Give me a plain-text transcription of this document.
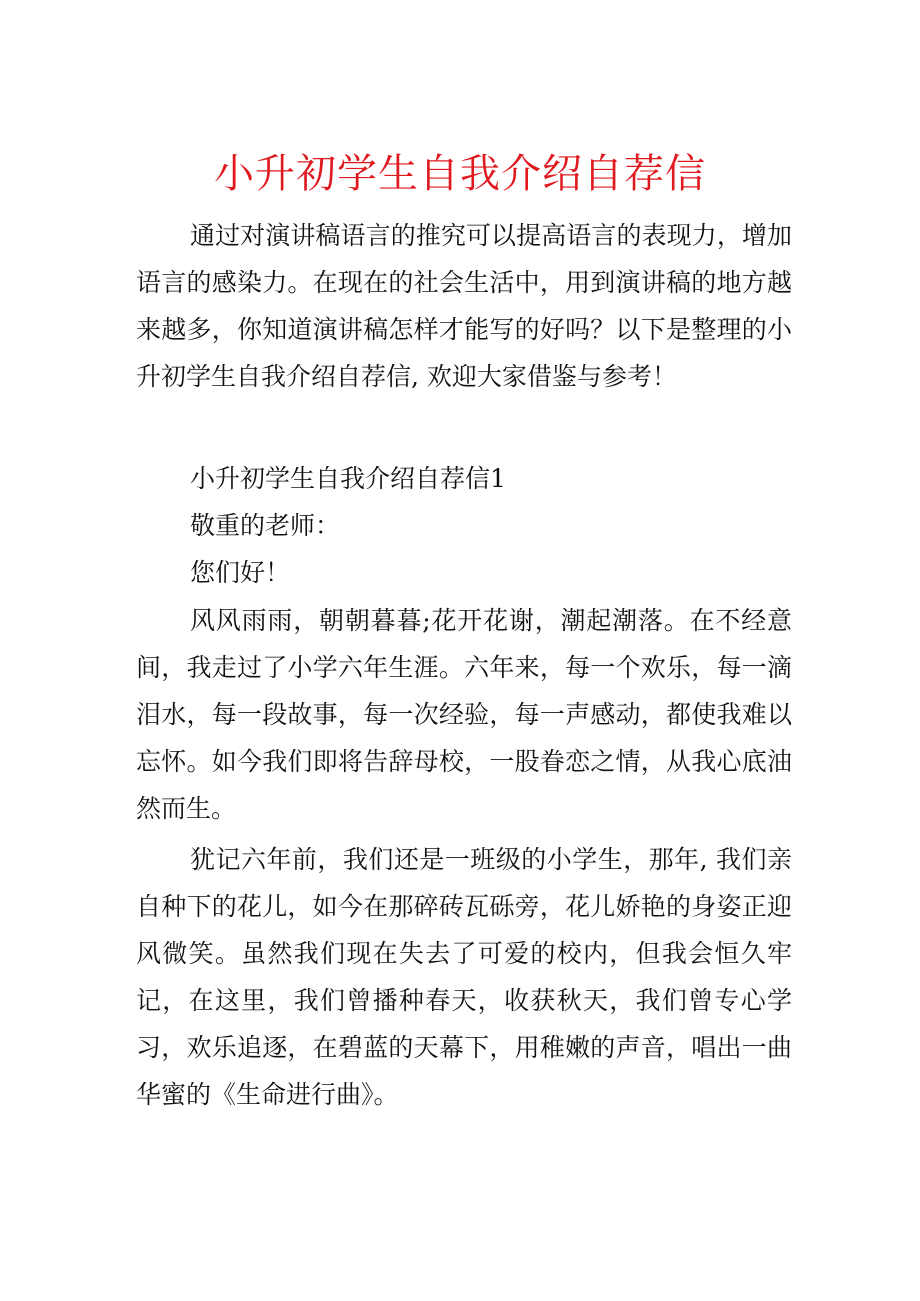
小升初学生自我介绍自荐信

通过对演讲稿语言的推究可以提高语言的表现力，增加语言的感染力。在现在的社会生活中，用到演讲稿的地方越来越多，你知道演讲稿怎样才能写的好吗？以下是整理的小升初学生自我介绍自荐信, 欢迎大家借鉴与参考！

小升初学生自我介绍自荐信1

敬重的老师：

您们好！

风风雨雨，朝朝暮暮;花开花谢，潮起潮落。在不经意间，我走过了小学六年生涯。六年来，每一个欢乐，每一滴泪水，每一段故事，每一次经验，每一声感动，都使我难以忘怀。如今我们即将告辞母校，一股眷恋之情，从我心底油然而生。

犹记六年前，我们还是一班级的小学生，那年, 我们亲自种下的花儿，如今在那碎砖瓦砾旁，花儿娇艳的身姿正迎风微笑。虽然我们现在失去了可爱的校内，但我会恒久牢记，在这里，我们曾播种春天，收获秋天，我们曾专心学习，欢乐追逐，在碧蓝的天幕下，用稚嫩的声音，唱出一曲华蜜的《生命进行曲》。
